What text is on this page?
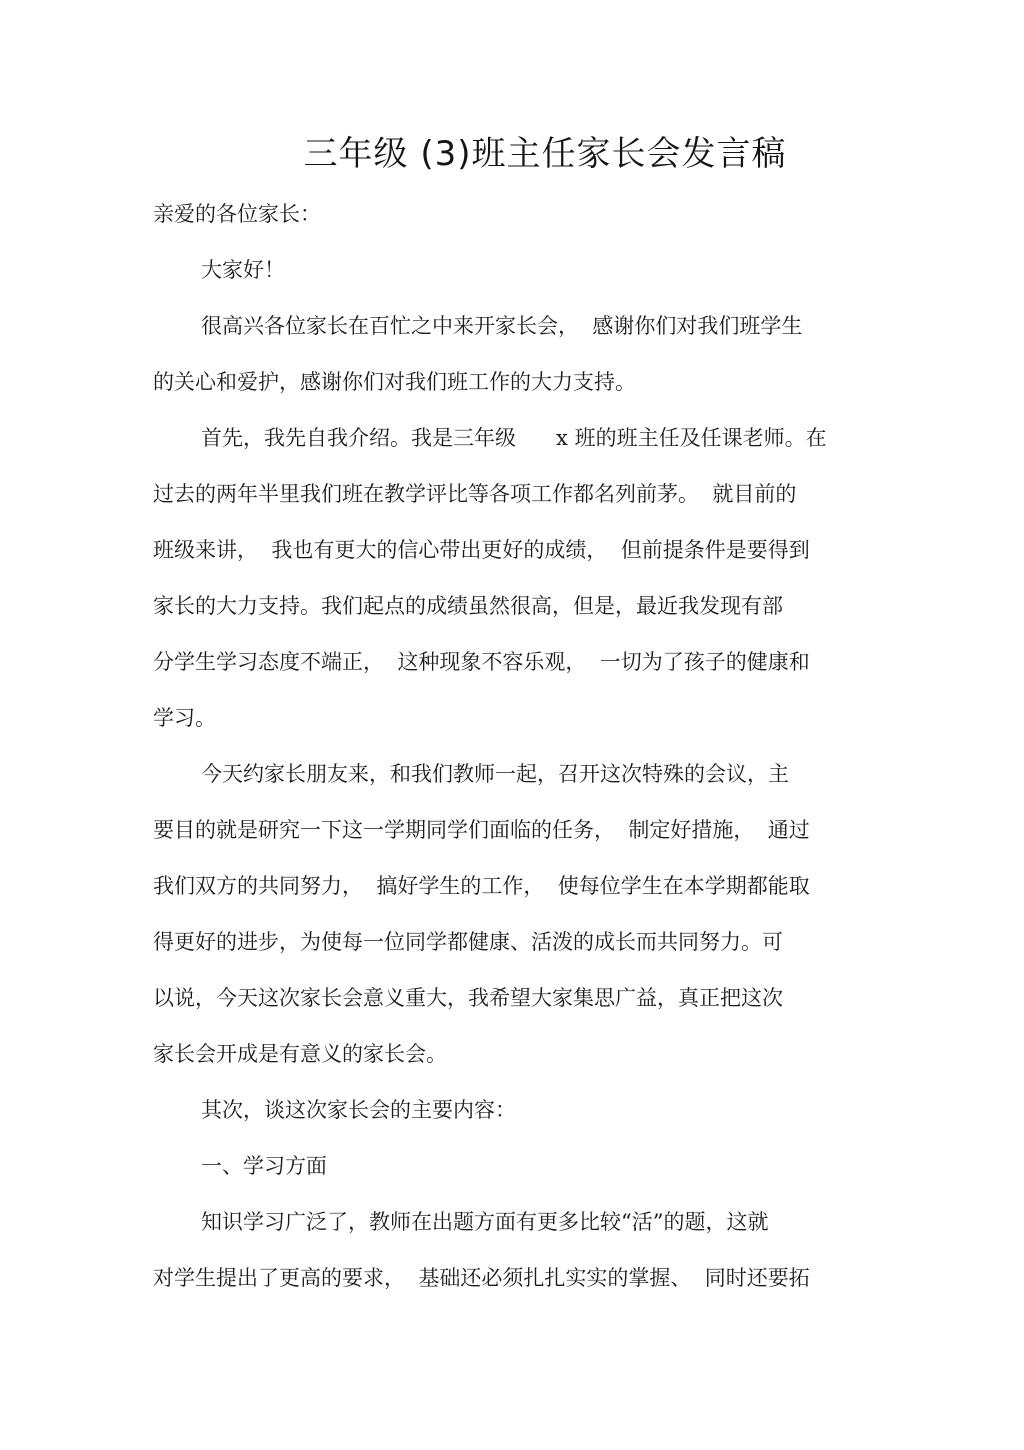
三年级 (3)班主任家长会发言稿

亲爱的各位家长：

大家好！

很高兴各位家长在百忙之中来开家长会，  感谢你们对我们班学生

的关心和爱护，感谢你们对我们班工作的大力支持。

首先，我先自我介绍。我是三年级      x 班的班主任及任课老师。在

过去的两年半里我们班在教学评比等各项工作都名列前茅。  就目前的

班级来讲，  我也有更大的信心带出更好的成绩，  但前提条件是要得到

家长的大力支持。我们起点的成绩虽然很高，但是，最近我发现有部

分学生学习态度不端正，  这种现象不容乐观，  一切为了孩子的健康和

学习。

今天约家长朋友来，和我们教师一起，召开这次特殊的会议，主

要目的就是研究一下这一学期同学们面临的任务，  制定好措施，  通过

我们双方的共同努力，  搞好学生的工作，  使每位学生在本学期都能取

得更好的进步，为使每一位同学都健康、活泼的成长而共同努力。可

以说，今天这次家长会意义重大，我希望大家集思广益，真正把这次

家长会开成是有意义的家长会。

其次，谈这次家长会的主要内容：

一、学习方面

知识学习广泛了，教师在出题方面有更多比较“活”的题，这就

对学生提出了更高的要求，  基础还必须扎扎实实的掌握、  同时还要拓
